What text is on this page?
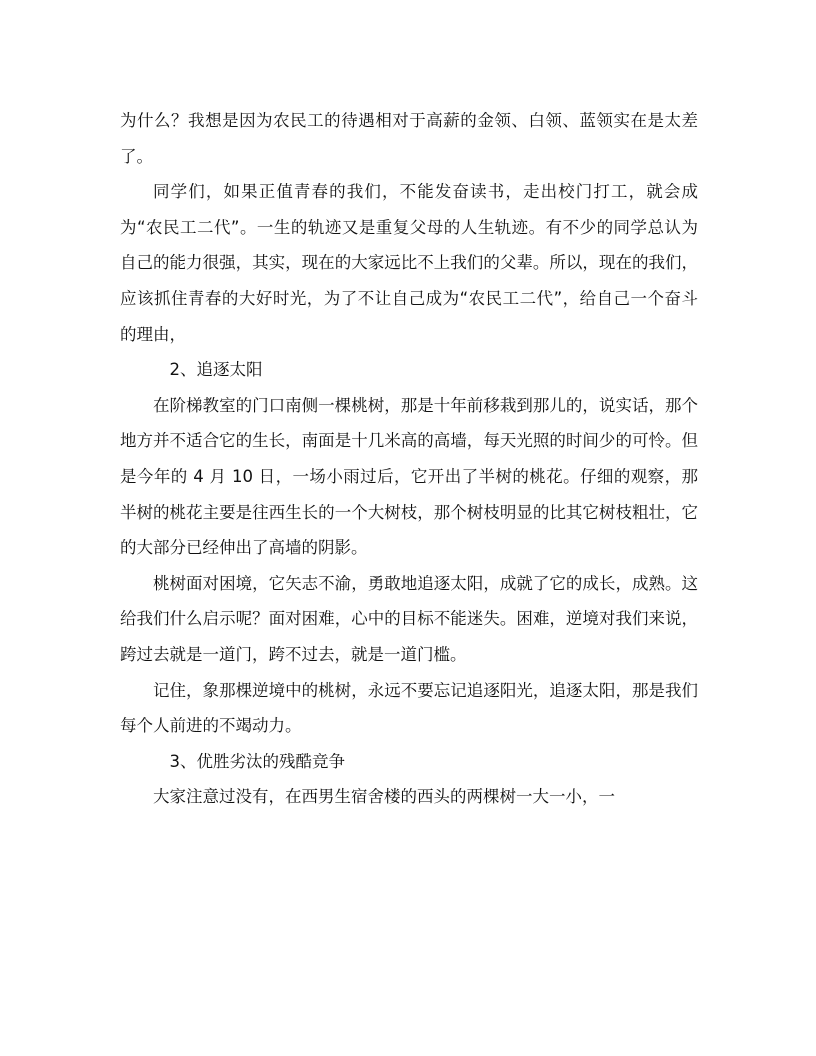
为什么？我想是因为农民工的待遇相对于高薪的金领、白领、蓝领实在是太差了。

同学们，如果正值青春的我们，不能发奋读书，走出校门打工，就会成为“农民工二代”。一生的轨迹又是重复父母的人生轨迹。有不少的同学总认为自己的能力很强，其实，现在的大家远比不上我们的父辈。所以，现在的我们，应该抓住青春的大好时光，为了不让自己成为“农民工二代”，给自己一个奋斗的理由，

2、追逐太阳

在阶梯教室的门口南侧一棵桃树，那是十年前移栽到那儿的，说实话，那个地方并不适合它的生长，南面是十几米高的高墙，每天光照的时间少的可怜。但是今年的 4 月 10 日，一场小雨过后，它开出了半树的桃花。仔细的观察，那半树的桃花主要是往西生长的一个大树枝，那个树枝明显的比其它树枝粗壮，它的大部分已经伸出了高墙的阴影。

桃树面对困境，它矢志不渝，勇敢地追逐太阳，成就了它的成长，成熟。这给我们什么启示呢？面对困难，心中的目标不能迷失。困难，逆境对我们来说，跨过去就是一道门，跨不过去，就是一道门槛。

记住，象那棵逆境中的桃树，永远不要忘记追逐阳光，追逐太阳，那是我们每个人前进的不竭动力。

3、优胜劣汰的残酷竞争

大家注意过没有，在西男生宿舍楼的西头的两棵树一大一小，一
